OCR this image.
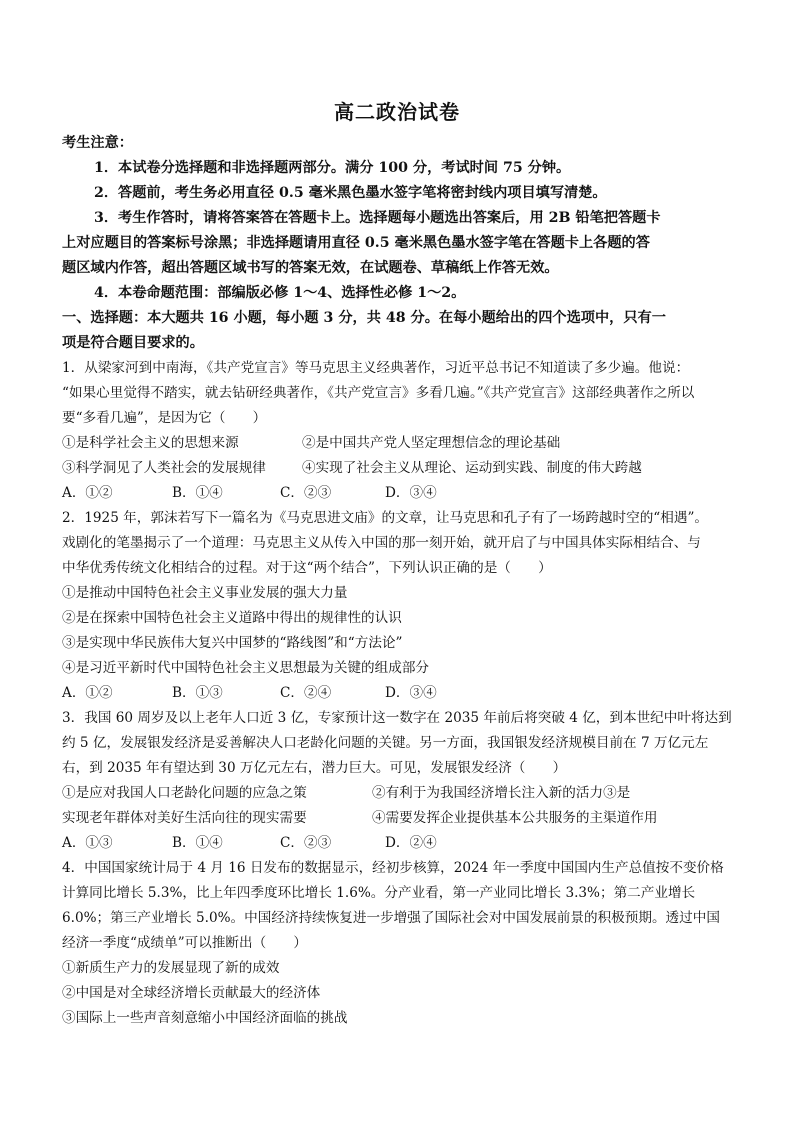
高二政治试卷
考生注意：
1．本试卷分选择题和非选择题两部分。满分 100 分，考试时间 75 分钟。
2．答题前，考生务必用直径 0.5 毫米黑色墨水签字笔将密封线内项目填写清楚。
3．考生作答时，请将答案答在答题卡上。选择题每小题选出答案后，用 2B 铅笔把答题卡
上对应题目的答案标号涂黑；非选择题请用直径 0.5 毫米黑色墨水签字笔在答题卡上各题的答
题区域内作答，超出答题区域书写的答案无效，在试题卷、草稿纸上作答无效。
4．本卷命题范围：部编版必修 1～4、选择性必修 1～2。
一、选择题：本大题共 16 小题，每小题 3 分，共 48 分。在每小题给出的四个选项中，只有一
项是符合题目要求的。
1．从梁家河到中南海，《共产党宣言》等马克思主义经典著作，习近平总书记不知道读了多少遍。他说：
“如果心里觉得不踏实，就去钻研经典著作，《共产党宣言》多看几遍。”《共产党宣言》这部经典著作之所以
要“多看几遍”，是因为它（　　）
①是科学社会主义的思想来源	②是中国共产党人坚定理想信念的理论基础
③科学洞见了人类社会的发展规律	④实现了社会主义从理论、运动到实践、制度的伟大跨越
A．①②	B．①④	C．②③	D．③④
2．1925 年，郭沫若写下一篇名为《马克思进文庙》的文章，让马克思和孔子有了一场跨越时空的“相遇”。
戏剧化的笔墨揭示了一个道理：马克思主义从传入中国的那一刻开始，就开启了与中国具体实际相结合、与
中华优秀传统文化相结合的过程。对于这“两个结合”，下列认识正确的是（　　）
①是推动中国特色社会主义事业发展的强大力量
②是在探索中国特色社会主义道路中得出的规律性的认识
③是实现中华民族伟大复兴中国梦的“路线图”和“方法论”
④是习近平新时代中国特色社会主义思想最为关键的组成部分
A．①②	B．①③	C．②④	D．③④
3．我国 60 周岁及以上老年人口近 3 亿，专家预计这一数字在 2035 年前后将突破 4 亿，到本世纪中叶将达到
约 5 亿，发展银发经济是妥善解决人口老龄化问题的关键。另一方面，我国银发经济规模目前在 7 万亿元左
右，到 2035 年有望达到 30 万亿元左右，潜力巨大。可见，发展银发经济（　　）
①是应对我国人口老龄化问题的应急之策	②有利于为我国经济增长注入新的活力③是
实现老年群体对美好生活向往的现实需要	④需要发挥企业提供基本公共服务的主渠道作用
A．①③	B．①④	C．②③	D．②④
4．中国国家统计局于 4 月 16 日发布的数据显示，经初步核算，2024 年一季度中国国内生产总值按不变价格
计算同比增长 5.3%，比上年四季度环比增长 1.6%。分产业看，第一产业同比增长 3.3%；第二产业增长
6.0%；第三产业增长 5.0%。中国经济持续恢复进一步增强了国际社会对中国发展前景的积极预期。透过中国
经济一季度“成绩单”可以推断出（　　）
①新质生产力的发展显现了新的成效
②中国是对全球经济增长贡献最大的经济体
③国际上一些声音刻意缩小中国经济面临的挑战
